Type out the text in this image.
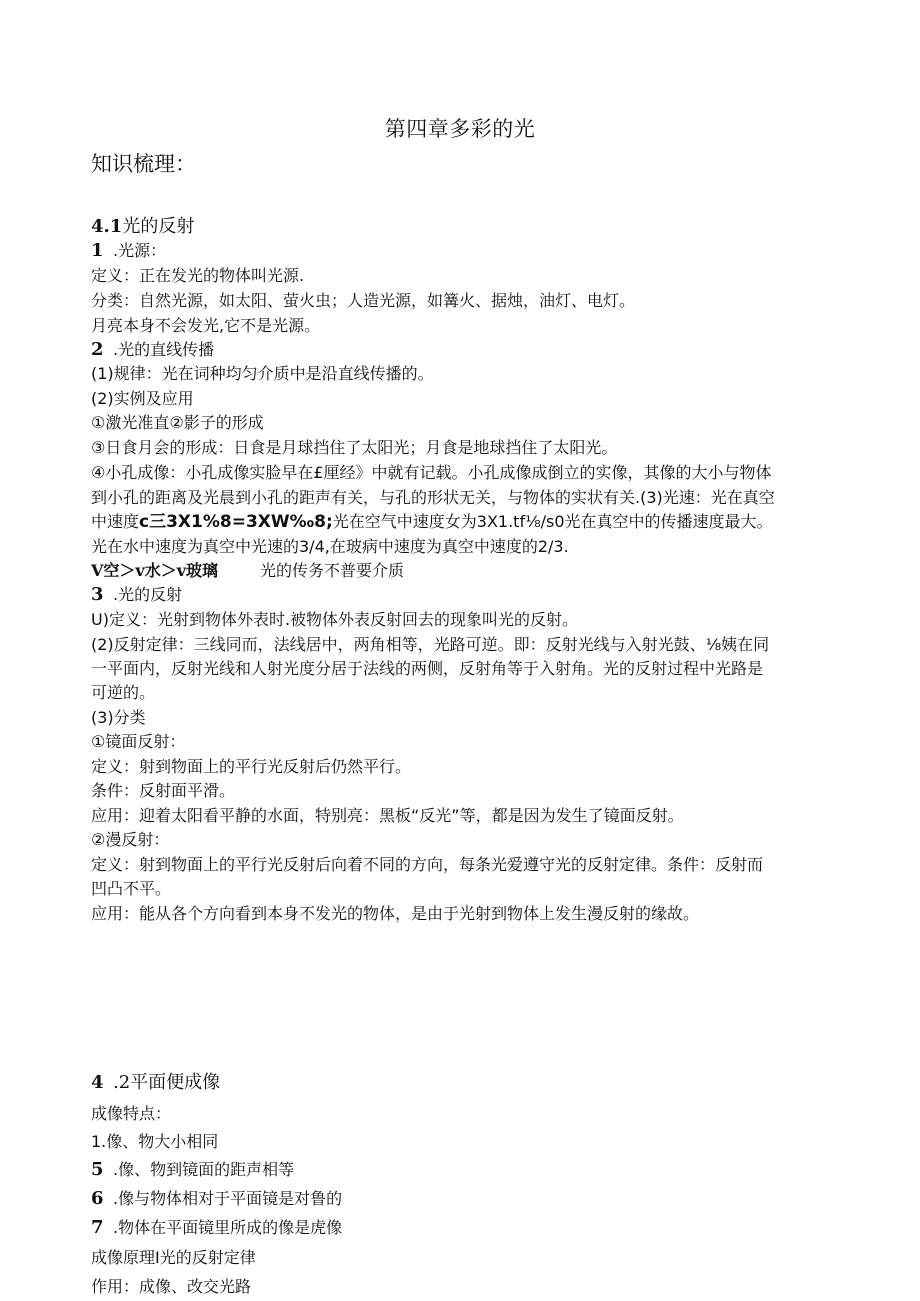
第四章多彩的光
知识梳理：
4.1光的反射
1 .光源：
定义：正在发光的物体叫光源.
分类：自然光源，如太阳、萤火虫；人造光源，如篝火、据烛，油灯、电灯。
月亮本身不会发光,它不是光源。
2 .光的直线传播
(1)规律：光在词种均匀介质中是沿直线传播的。
(2)实例及应用
①激光准直②影子的形成
③日食月会的形成：日食是月球挡住了太阳光；月食是地球挡住了太阳光。
④小孔成像：小孔成像实脸早在£厘经》中就有记载。小孔成像成倒立的实像，其像的大小与物体
到小孔的距离及光晨到小孔的距声有关，与孔的形状无关，与物体的实状有关.(3)光速：光在真空
中速度c三3X1%8=3XW‰8;光在空气中速度女为3X1.tf⅛∕s0光在真空中的传播速度最大。
光在水中速度为真空中光速的3/4,在玻病中速度为真空中速度的2/3.
V空＞v水＞v玻璃	光的传务不普要介质
3 .光的反射
U)定义：光射到物体外表时.被物体外表反射回去的现象叫光的反射。
(2)反射定律：三线同而，法线居中，两角相等，光路可逆。即：反射光线与入射光鼓、⅛姨在同
一平面内，反射光线和人射光度分居于法线的两侧，反射角等于入射角。光的反射过程中光路是
可逆的。
(3)分类
①镜面反射：
定义：射到物面上的平行光反射后仍然平行。
条件：反射面平滑。
应用：迎着太阳看平静的水面，特别亮：黑板“反光”等，都是因为发生了镜面反射。
②漫反射：
定义：射到物面上的平行光反射后向着不同的方向，每条光爱遵守光的反射定律。条件：反射而
凹凸不平。
应用：能从各个方向看到本身不发光的物体，是由于光射到物体上发生漫反射的缘故。
4 .2平面便成像
成像特点：
1.像、物大小相同
5 .像、物到镜面的距声相等
6 .像与物体相对于平面镜是对鲁的
7 .物体在平面镜里所成的像是虎像
成像原理I光的反射定律
作用：成像、改交光路
